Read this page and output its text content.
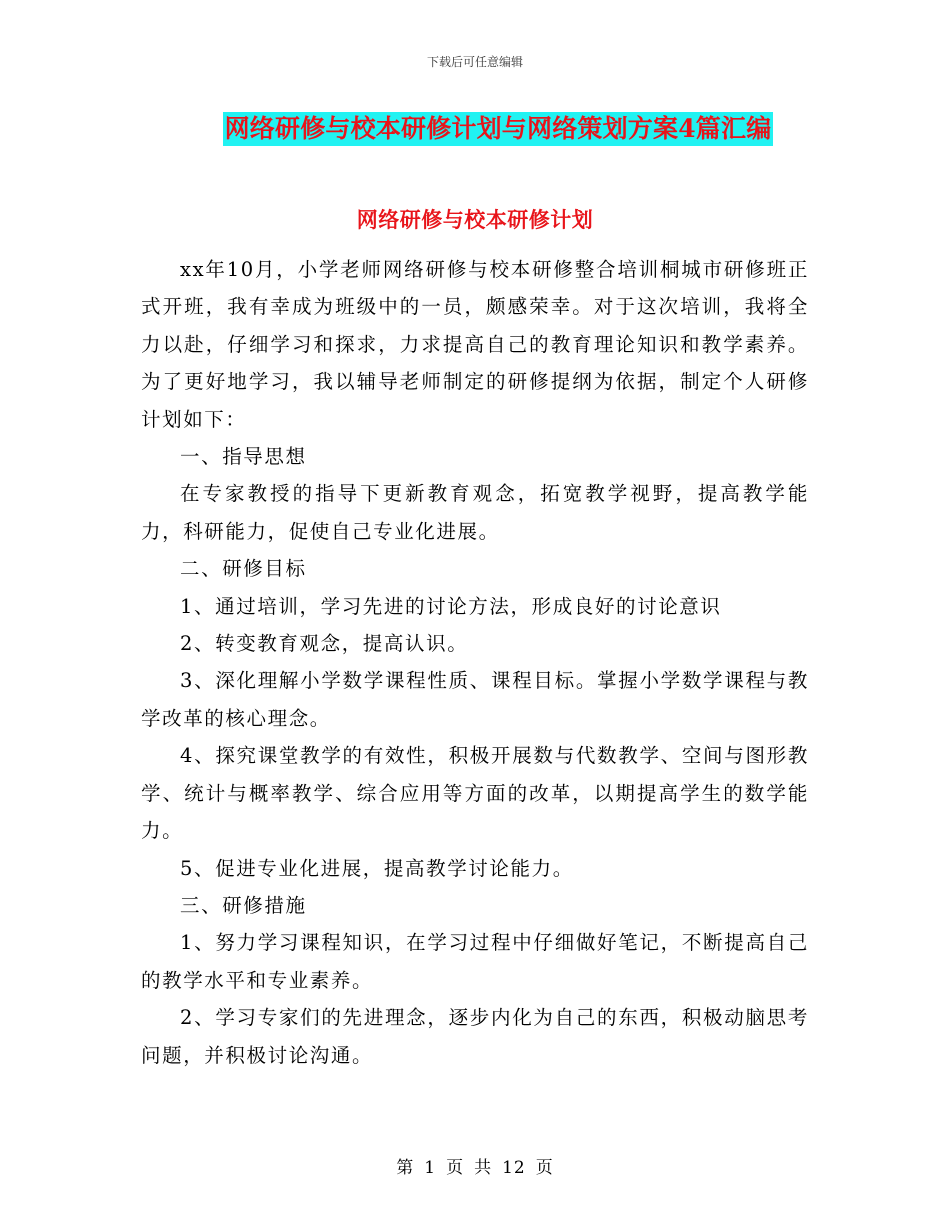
下载后可任意编辑
网络研修与校本研修计划与网络策划方案4篇汇编
网络研修与校本研修计划

xx年10月，小学老师网络研修与校本研修整合培训桐城市研修班正式开班，我有幸成为班级中的一员，颇感荣幸。对于这次培训，我将全力以赴，仔细学习和探求，力求提高自己的教育理论知识和教学素养。为了更好地学习，我以辅导老师制定的研修提纲为依据，制定个人研修计划如下：

一、指导思想

在专家教授的指导下更新教育观念，拓宽教学视野，提高教学能力，科研能力，促使自己专业化进展。

二、研修目标

1、通过培训，学习先进的讨论方法，形成良好的讨论意识

2、转变教育观念，提高认识。

3、深化理解小学数学课程性质、课程目标。掌握小学数学课程与教学改革的核心理念。

4、探究课堂教学的有效性，积极开展数与代数教学、空间与图形教学、统计与概率教学、综合应用等方面的改革，以期提高学生的数学能力。

5、促进专业化进展，提高教学讨论能力。

三、研修措施

1、努力学习课程知识，在学习过程中仔细做好笔记，不断提高自己的教学水平和专业素养。

2、学习专家们的先进理念，逐步内化为自己的东西，积极动脑思考问题，并积极讨论沟通。

第 1 页 共 12 页
